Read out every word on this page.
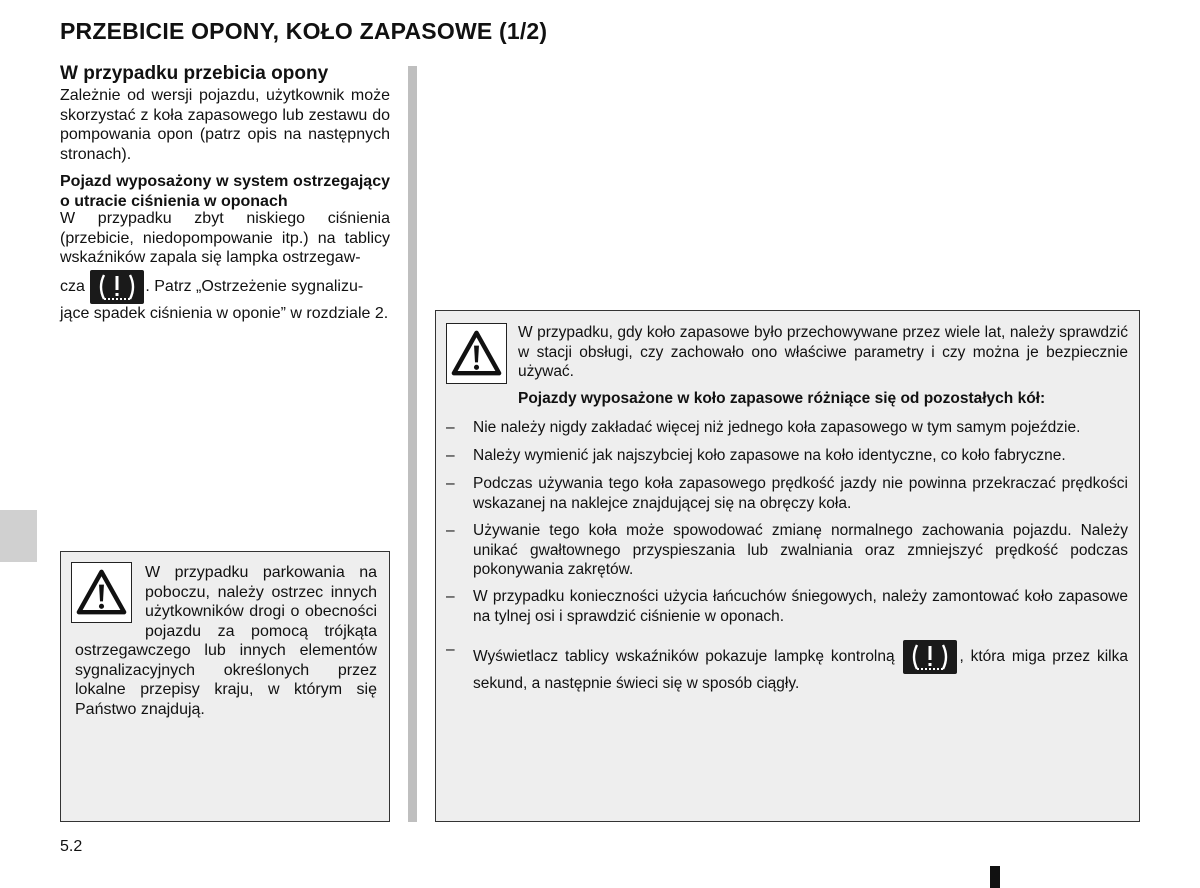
PRZEBICIE OPONY, KOŁO ZAPASOWE (1/2)
W przypadku przebicia opony
Zależnie od wersji pojazdu, użytkownik może skorzystać z koła zapasowego lub zestawu do pompowania opon (patrz opis na następnych stronach).
Pojazd wyposażony w system ostrzegający o utracie ciśnienia w oponach
W przypadku zbyt niskiego ciśnienia (przebicie, niedopompowanie itp.) na tablicy wskaźników zapala się lampka ostrzegaw-
cza	. Patrz „Ostrzeżenie sygnalizu-
jące spadek ciśnienia w oponie” w rozdziale 2.
W przypadku parkowania na poboczu, należy ostrzec innych użytkowników drogi o obecności pojazdu za pomocą trójkąta ostrzegawczego lub innych elementów sygnalizacyjnych określonych przez lokalne przepisy kraju, w którym się Państwo znajdują.
W przypadku, gdy koło zapasowe było przechowywane przez wiele lat, należy sprawdzić w stacji obsługi, czy zachowało ono właściwe parametry i czy można je bezpiecznie używać.
Pojazdy wyposażone w koło zapasowe różniące się od pozostałych kół:
– Nie należy nigdy zakładać więcej niż jednego koła zapasowego w tym samym pojeździe.
– Należy wymienić jak najszybciej koło zapasowe na koło identyczne, co koło fabryczne.
– Podczas używania tego koła zapasowego prędkość jazdy nie powinna przekraczać prędkości wskazanej na naklejce znajdującej się na obręczy koła.
– Używanie tego koła może spowodować zmianę normalnego zachowania pojazdu. Należy unikać gwałtownego przyspieszania lub zwalniania oraz zmniejszyć prędkość podczas pokonywania zakrętów.
– W przypadku konieczności użycia łańcuchów śniegowych, należy zamontować koło zapasowe na tylnej osi i sprawdzić ciśnienie w oponach.
– Wyświetlacz tablicy wskaźników pokazuje lampkę kontrolną	, która miga przez kilka sekund, a następnie świeci się w sposób ciągły.
5.2
